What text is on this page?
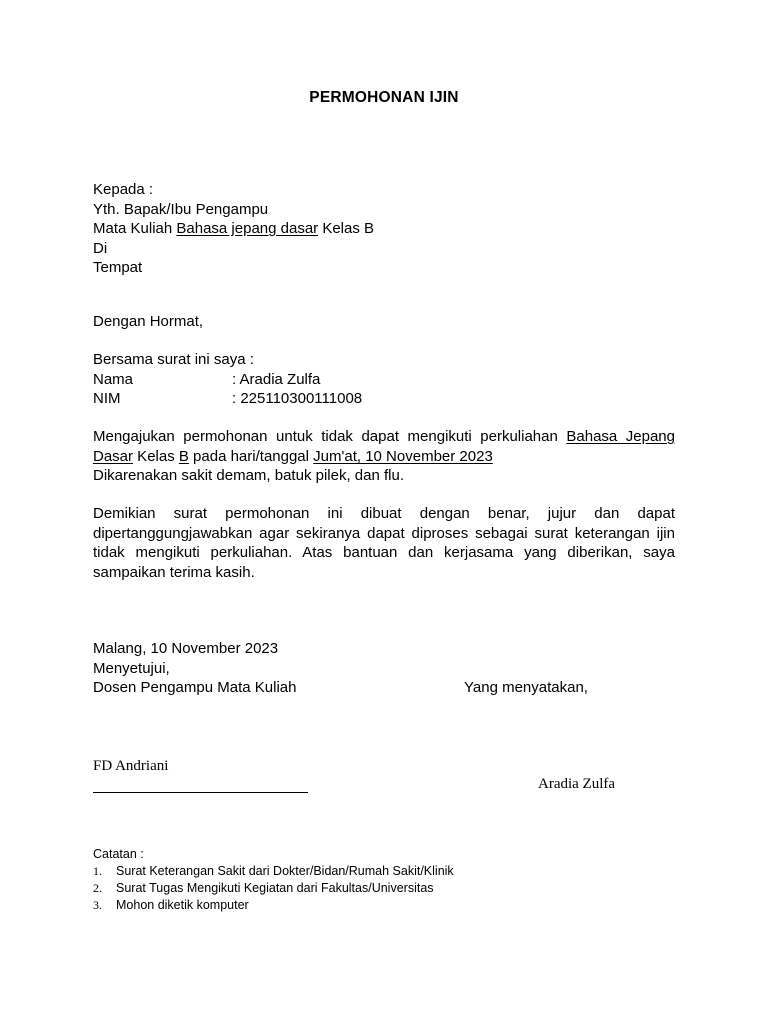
PERMOHONAN IJIN
Kepada :
Yth. Bapak/Ibu Pengampu
Mata Kuliah Bahasa jepang dasar Kelas B
Di
Tempat
Dengan Hormat,
Bersama surat ini saya :
Nama	: Aradia Zulfa
NIM	: 225110300111008
Mengajukan permohonan untuk tidak dapat mengikuti perkuliahan Bahasa Jepang Dasar Kelas B pada hari/tanggal Jum'at, 10 November 2023
Dikarenakan sakit demam, batuk pilek, dan flu.
Demikian surat permohonan ini dibuat dengan benar, jujur dan dapat dipertanggungjawabkan agar sekiranya dapat diproses sebagai surat keterangan ijin tidak mengikuti perkuliahan. Atas bantuan dan kerjasama yang diberikan, saya sampaikan terima kasih.
Malang, 10 November 2023
Menyetujui,
Dosen Pengampu Mata Kuliah	Yang menyatakan,
FD Andriani
Aradia Zulfa
Catatan :
1. Surat Keterangan Sakit dari Dokter/Bidan/Rumah Sakit/Klinik
2. Surat Tugas Mengikuti Kegiatan dari Fakultas/Universitas
3. Mohon diketik komputer
